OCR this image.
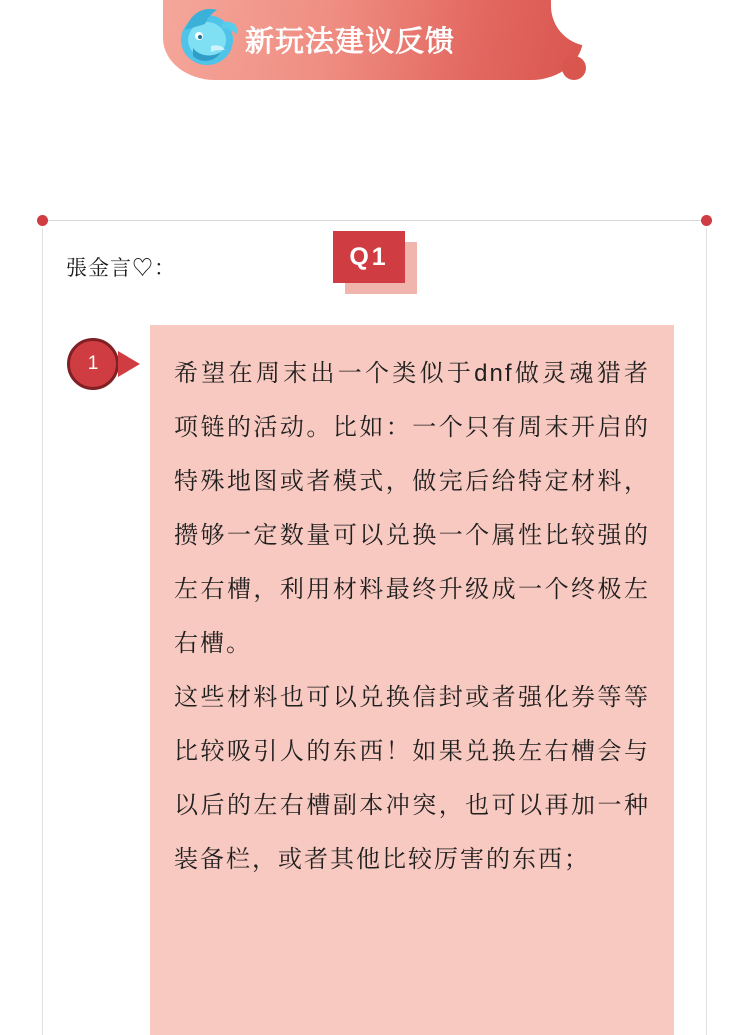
新玩法建议反馈
Q1
張金言♡：
1	希望在周末出一个类似于dnf做灵魂猎者项链的活动。比如：一个只有周末开启的特殊地图或者模式，做完后给特定材料，攒够一定数量可以兑换一个属性比较强的左右槽，利用材料最终升级成一个终极左右槽。

这些材料也可以兑换信封或者强化券等等比较吸引人的东西！如果兑换左右槽会与以后的左右槽副本冲突，也可以再加一种装备栏，或者其他比较厉害的东西；
